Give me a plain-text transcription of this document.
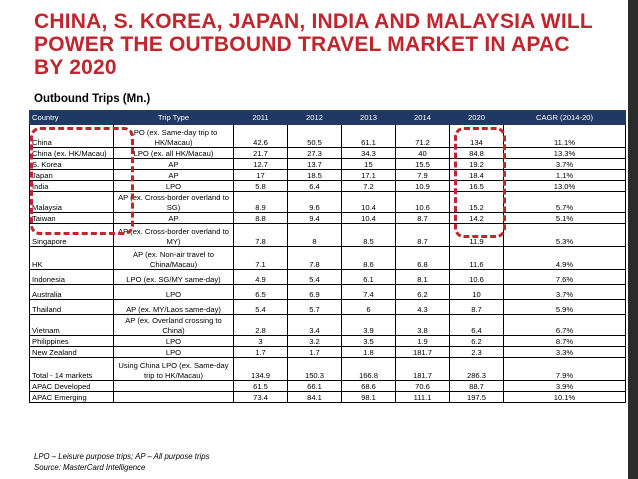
CHINA, S. KOREA, JAPAN, INDIA AND MALAYSIA WILL POWER THE OUTBOUND TRAVEL MARKET IN APAC BY 2020
Outbound Trips (Mn.)
Country	Trip Type	2011	2012	2013	2014	2020	CAGR (2014-20)
China	LPO (ex. Same-day trip to HK/Macau)	42.6	50.5	61.1	71.2	134	11.1%
China (ex. HK/Macau)	LPO (ex. all HK/Macau)	21.7	27.3	34.3	40	84.8	13.3%
S. Korea	AP	12.7	13.7	15	15.5	19.2	3.7%
Japan	AP	17	18.5	17.1	7.9	18.4	1.1%
India	LPO	5.8	6.4	7.2	10.9	16.5	13.0%
Malaysia	AP (ex. Cross-border overland to SG)	8.9	9.6	10.4	10.6	15.2	5.7%
Taiwan	AP	8.8	9.4	10.4	8.7	14.2	5.1%
Singapore	AP (ex. Cross-border overland to MY)	7.8	8	8.5	8.7	11.9	5.3%
HK	AP (ex. Non-air travel to China/Macau)	7.1	7.8	8.6	6.8	11.6	4.9%
Indonesia	LPO (ex. SG/MY same-day)	4.9	5.4	6.1	8.1	10.6	7.6%
Australia	LPO	6.5	6.9	7.4	6.2	10	3.7%
Thailand	AP (ex. MY/Laos same-day)	5.4	5.7	6	4.3	8.7	5.9%
Vietnam	AP (ex. Overland crossing to China)	2.8	3.4	3.9	3.8	6.4	6.7%
Philippines	LPO	3	3.2	3.5	1.9	6.2	8.7%
New Zealand	LPO	1.7	1.7	1.8	181.7	2.3	3.3%
Total - 14 markets	Using China LPO (ex. Same-day trip to HK/Macau)	134.9	150.3	166.8	181.7	286.3	7.9%
APAC Developed		61.5	66.1	68.6	70.6	88.7	3.9%
APAC Emerging		73.4	84.1	98.1	111.1	197.5	10.1%
LPO – Leisure purpose trips; AP – All purpose trips
Source: MasterCard Intelligence
